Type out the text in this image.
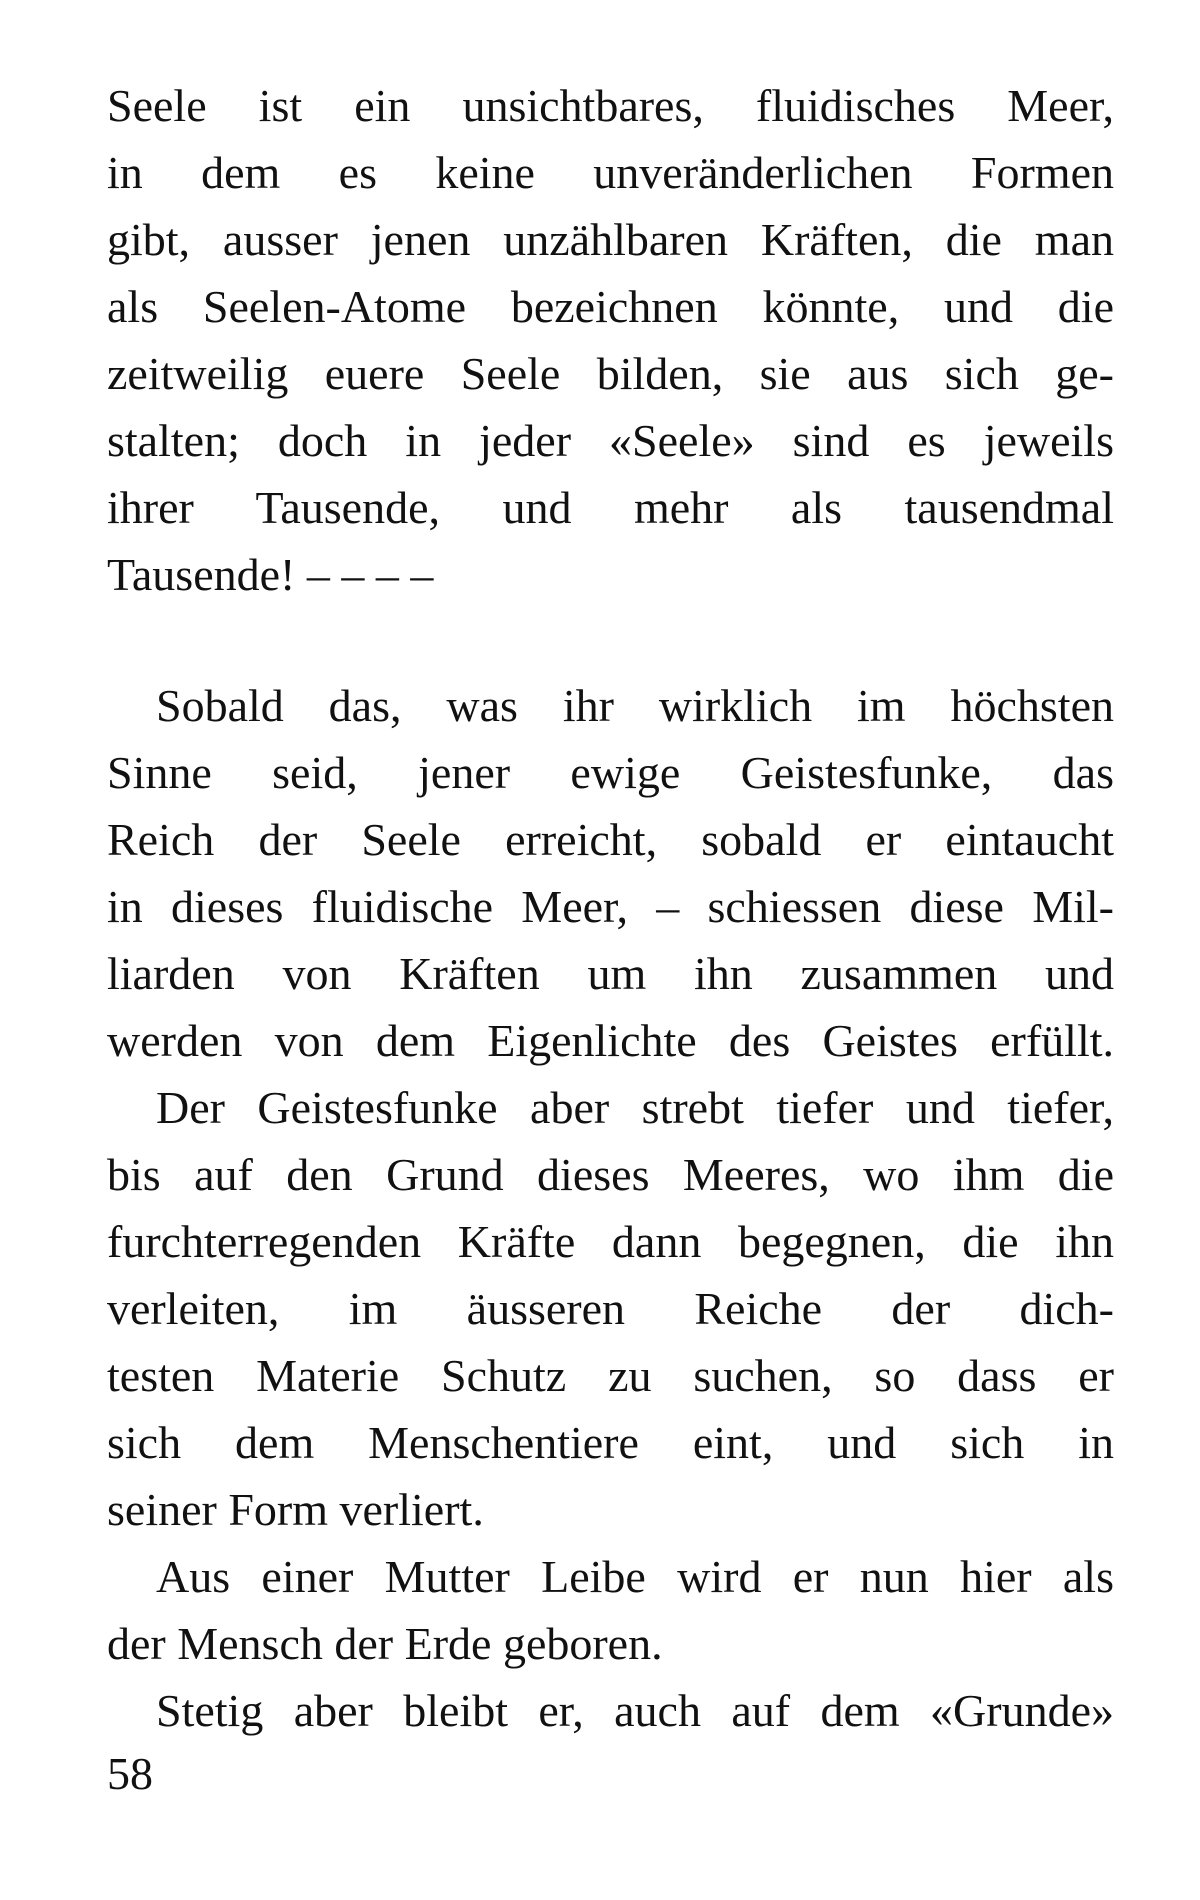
Seele ist ein unsichtbares, fluidisches Meer,
in dem es keine unveränderlichen Formen
gibt, ausser jenen unzählbaren Kräften, die man
als Seelen-Atome bezeichnen könnte, und die
zeitweilig euere Seele bilden, sie aus sich ge-
stalten; doch in jeder «Seele» sind es jeweils
ihrer Tausende, und mehr als tausendmal
Tausende! – – – –
Sobald das, was ihr wirklich im höchsten
Sinne seid, jener ewige Geistesfunke, das
Reich der Seele erreicht, sobald er eintaucht
in dieses fluidische Meer, – schiessen diese Mil-
liarden von Kräften um ihn zusammen und
werden von dem Eigenlichte des Geistes erfüllt.
Der Geistesfunke aber strebt tiefer und tiefer,
bis auf den Grund dieses Meeres, wo ihm die
furchterregenden Kräfte dann begegnen, die ihn
verleiten, im äusseren Reiche der dich-
testen Materie Schutz zu suchen, so dass er
sich dem Menschentiere eint, und sich in
seiner Form verliert.
Aus einer Mutter Leibe wird er nun hier als
der Mensch der Erde geboren.
Stetig aber bleibt er, auch auf dem «Grunde»
58
